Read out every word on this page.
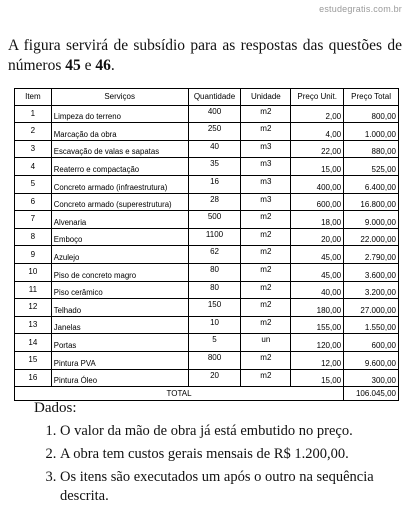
estudegratis.com.br

A figura servirá de subsídio para as respostas das questões de números 45 e 46.

Item	Serviços	Quantidade	Unidade	Preço Unit.	Preço Total
1	Limpeza do terreno	400	m2	2,00	800,00
2	Marcação da obra	250	m2	4,00	1.000,00
3	Escavação de valas e sapatas	40	m3	22,00	880,00
4	Reaterro e compactação	35	m3	15,00	525,00
5	Concreto armado (infraestrutura)	16	m3	400,00	6.400,00
6	Concreto armado (superestrutura)	28	m3	600,00	16.800,00
7	Alvenaria	500	m2	18,00	9.000,00
8	Emboço	1100	m2	20,00	22.000,00
9	Azulejo	62	m2	45,00	2.790,00
10	Piso de concreto magro	80	m2	45,00	3.600,00
11	Piso cerâmico	80	m2	40,00	3.200,00
12	Telhado	150	m2	180,00	27.000,00
13	Janelas	10	m2	155,00	1.550,00
14	Portas	5	un	120,00	600,00
15	Pintura PVA	800	m2	12,00	9.600,00
16	Pintura Óleo	20	m2	15,00	300,00
TOTAL					106.045,00
Dados:
1. O valor da mão de obra já está embutido no preço.
2. A obra tem custos gerais mensais de R$ 1.200,00.
3. Os itens são executados um após o outro na sequência descrita.
